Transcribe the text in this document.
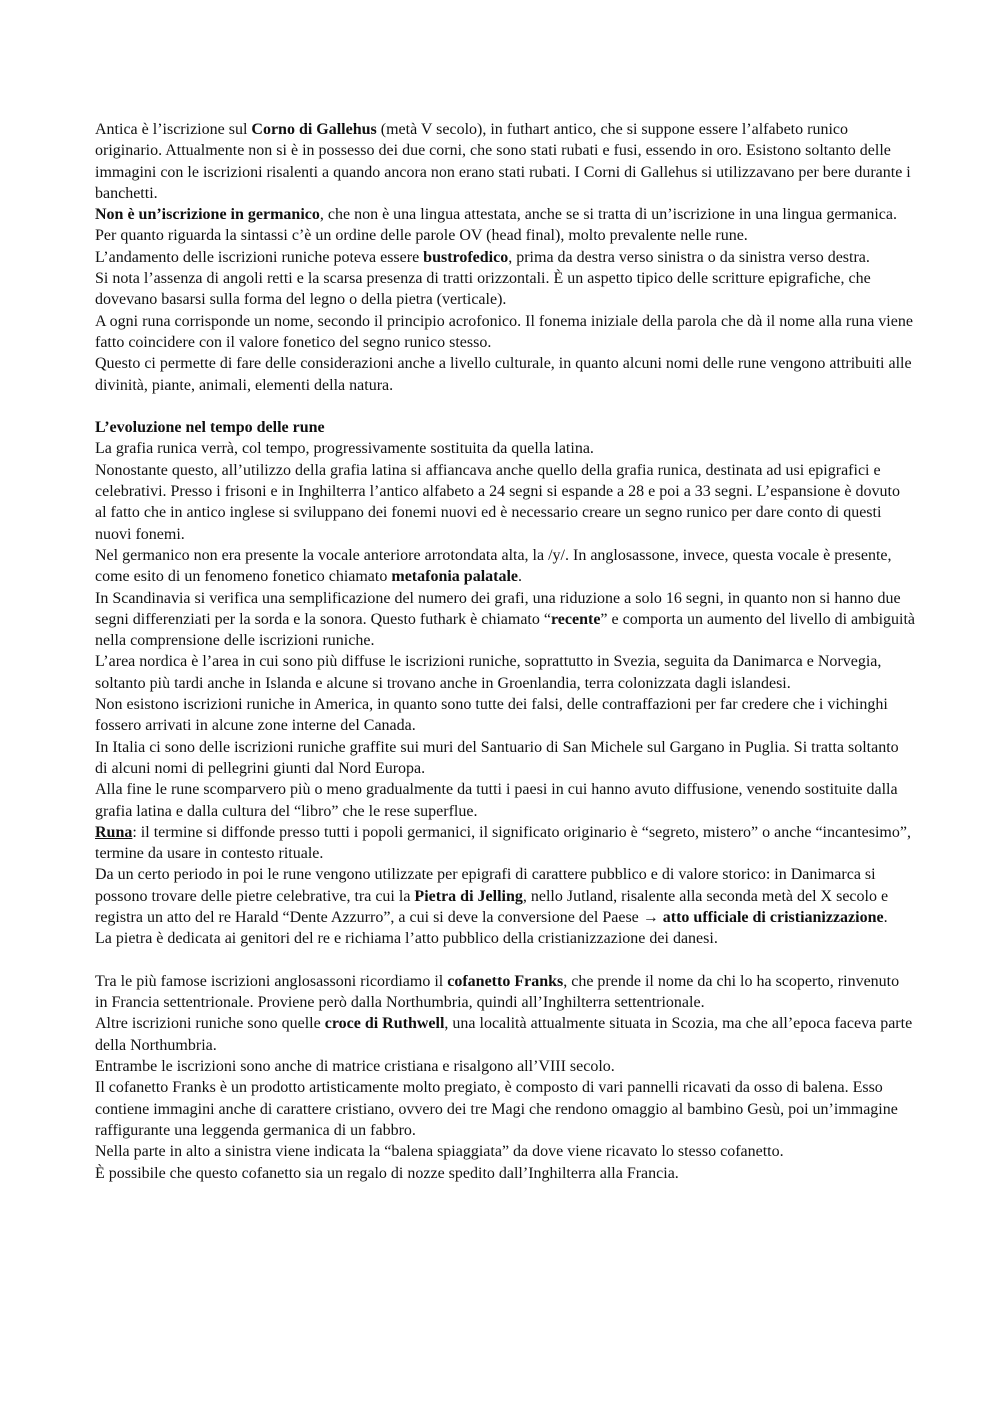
Antica è l’iscrizione sul Corno di Gallehus (metà V secolo), in futhart antico, che si suppone essere l’alfabeto runico originario. Attualmente non si è in possesso dei due corni, che sono stati rubati e fusi, essendo in oro. Esistono soltanto delle immagini con le iscrizioni risalenti a quando ancora non erano stati rubati. I Corni di Gallehus si utilizzavano per bere durante i banchetti.

Non è un’iscrizione in germanico, che non è una lingua attestata, anche se si tratta di un’iscrizione in una lingua germanica.

Per quanto riguarda la sintassi c’è un ordine delle parole OV (head final), molto prevalente nelle rune.

L’andamento delle iscrizioni runiche poteva essere bustrofedico, prima da destra verso sinistra o da sinistra verso destra.

Si nota l’assenza di angoli retti e la scarsa presenza di tratti orizzontali. È un aspetto tipico delle scritture epigrafiche, che dovevano basarsi sulla forma del legno o della pietra (verticale).

A ogni runa corrisponde un nome, secondo il principio acrofonico. Il fonema iniziale della parola che dà il nome alla runa viene fatto coincidere con il valore fonetico del segno runico stesso.

Questo ci permette di fare delle considerazioni anche a livello culturale, in quanto alcuni nomi delle rune vengono attribuiti alle divinità, piante, animali, elementi della natura.

L’evoluzione nel tempo delle rune

La grafia runica verrà, col tempo, progressivamente sostituita da quella latina.

Nonostante questo, all’utilizzo della grafia latina si affiancava anche quello della grafia runica, destinata ad usi epigrafici e celebrativi. Presso i frisoni e in Inghilterra l’antico alfabeto a 24 segni si espande a 28 e poi a 33 segni. L’espansione è dovuto al fatto che in antico inglese si sviluppano dei fonemi nuovi ed è necessario creare un segno runico per dare conto di questi nuovi fonemi.

Nel germanico non era presente la vocale anteriore arrotondata alta, la /y/. In anglosassone, invece, questa vocale è presente, come esito di un fenomeno fonetico chiamato metafonia palatale.

In Scandinavia si verifica una semplificazione del numero dei grafi, una riduzione a solo 16 segni, in quanto non si hanno due segni differenziati per la sorda e la sonora. Questo futhark è chiamato “recente” e comporta un aumento del livello di ambiguità nella comprensione delle iscrizioni runiche.

L’area nordica è l’area in cui sono più diffuse le iscrizioni runiche, soprattutto in Svezia, seguita da Danimarca e Norvegia, soltanto più tardi anche in Islanda e alcune si trovano anche in Groenlandia, terra colonizzata dagli islandesi.

Non esistono iscrizioni runiche in America, in quanto sono tutte dei falsi, delle contraffazioni per far credere che i vichinghi fossero arrivati in alcune zone interne del Canada.

In Italia ci sono delle iscrizioni runiche graffite sui muri del Santuario di San Michele sul Gargano in Puglia. Si tratta soltanto di alcuni nomi di pellegrini giunti dal Nord Europa.

Alla fine le rune scomparvero più o meno gradualmente da tutti i paesi in cui hanno avuto diffusione, venendo sostituite dalla grafia latina e dalla cultura del “libro” che le rese superflue.

Runa: il termine si diffonde presso tutti i popoli germanici, il significato originario è “segreto, mistero” o anche “incantesimo”, termine da usare in contesto rituale.

Da un certo periodo in poi le rune vengono utilizzate per epigrafi di carattere pubblico e di valore storico: in Danimarca si possono trovare delle pietre celebrative, tra cui la Pietra di Jelling, nello Jutland, risalente alla seconda metà del X secolo e registra un atto del re Harald “Dente Azzurro”, a cui si deve la conversione del Paese → atto ufficiale di cristianizzazione.

La pietra è dedicata ai genitori del re e richiama l’atto pubblico della cristianizzazione dei danesi.

Tra le più famose iscrizioni anglosassoni ricordiamo il cofanetto Franks, che prende il nome da chi lo ha scoperto, rinvenuto in Francia settentrionale. Proviene però dalla Northumbria, quindi all’Inghilterra settentrionale.

Altre iscrizioni runiche sono quelle croce di Ruthwell, una località attualmente situata in Scozia, ma che all’epoca faceva parte della Northumbria.

Entrambe le iscrizioni sono anche di matrice cristiana e risalgono all’VIII secolo.

Il cofanetto Franks è un prodotto artisticamente molto pregiato, è composto di vari pannelli ricavati da osso di balena. Esso contiene immagini anche di carattere cristiano, ovvero dei tre Magi che rendono omaggio al bambino Gesù, poi un’immagine raffigurante una leggenda germanica di un fabbro.

Nella parte in alto a sinistra viene indicata la “balena spiaggiata” da dove viene ricavato lo stesso cofanetto.

È possibile che questo cofanetto sia un regalo di nozze spedito dall’Inghilterra alla Francia.
